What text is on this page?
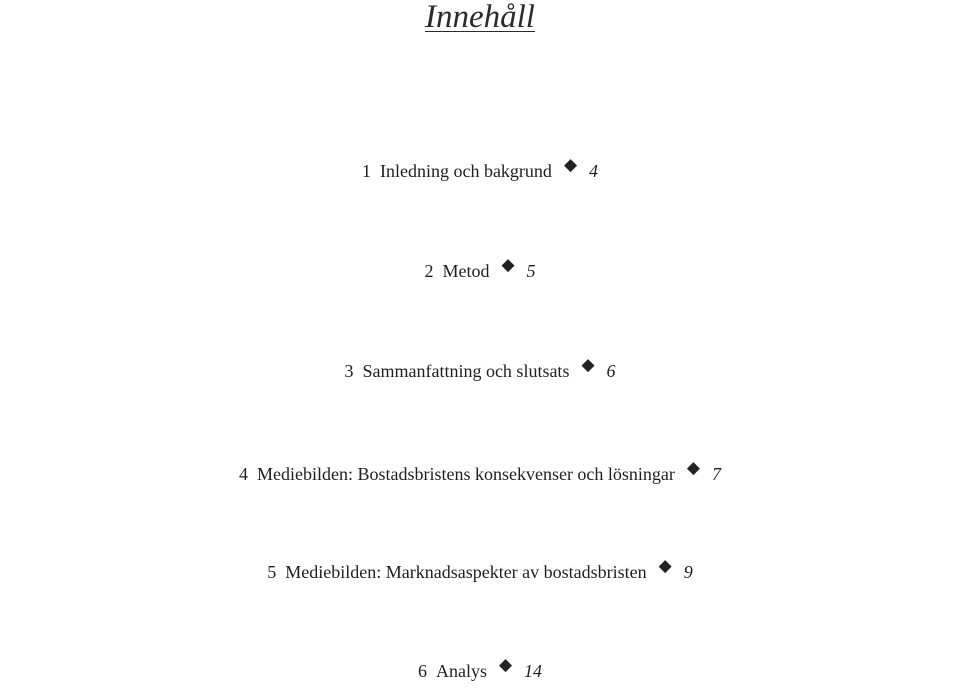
Innehåll
1 Inledning och bakgrund ◆ 4
2 Metod ◆ 5
3 Sammanfattning och slutsats ◆ 6
4 Mediebilden: Bostadsbristens konsekvenser och lösningar ◆ 7
5 Mediebilden: Marknadsaspekter av bostadsbristen ◆ 9
6 Analys ◆ 14
